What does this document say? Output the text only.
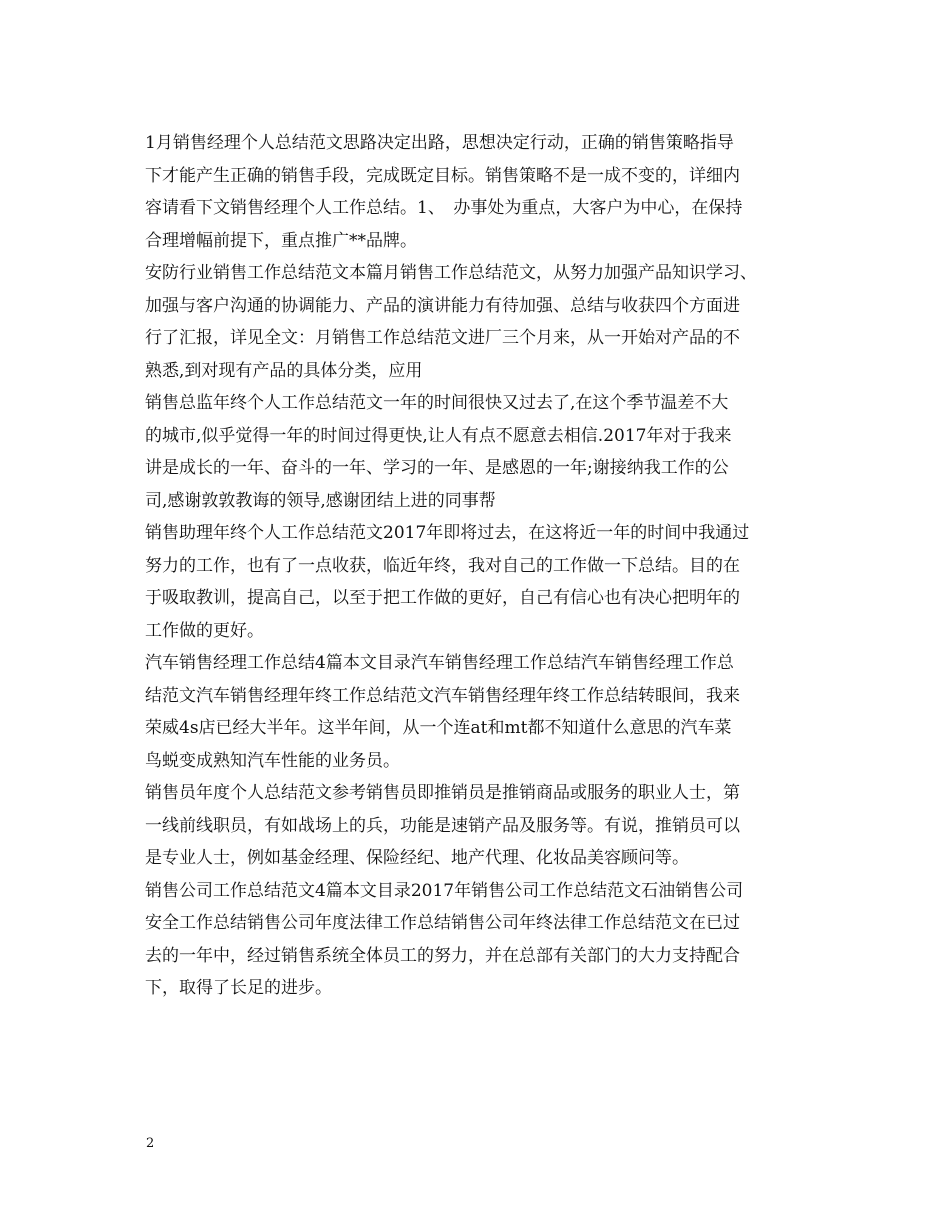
1月销售经理个人总结范文思路决定出路，思想决定行动，正确的销售策略指导
下才能产生正确的销售手段，完成既定目标。销售策略不是一成不变的，详细内
容请看下文销售经理个人工作总结。1、　办事处为重点，大客户为中心，在保持
合理增幅前提下，重点推广**品牌。
安防行业销售工作总结范文本篇月销售工作总结范文，从努力加强产品知识学习、
加强与客户沟通的协调能力、产品的演讲能力有待加强、总结与收获四个方面进
行了汇报，详见全文：月销售工作总结范文进厂三个月来，从一开始对产品的不
熟悉,到对现有产品的具体分类，应用
销售总监年终个人工作总结范文一年的时间很快又过去了,在这个季节温差不大
的城市,似乎觉得一年的时间过得更快,让人有点不愿意去相信.2017年对于我来
讲是成长的一年、奋斗的一年、学习的一年、是感恩的一年;谢接纳我工作的公
司,感谢敦敦教诲的领导,感谢团结上进的同事帮
销售助理年终个人工作总结范文2017年即将过去，在这将近一年的时间中我通过
努力的工作，也有了一点收获，临近年终，我对自己的工作做一下总结。目的在
于吸取教训，提高自己，以至于把工作做的更好，自己有信心也有决心把明年的
工作做的更好。
汽车销售经理工作总结4篇本文目录汽车销售经理工作总结汽车销售经理工作总
结范文汽车销售经理年终工作总结范文汽车销售经理年终工作总结转眼间，我来
荣威4s店已经大半年。这半年间，从一个连at和mt都不知道什么意思的汽车菜
鸟蜕变成熟知汽车性能的业务员。
销售员年度个人总结范文参考销售员即推销员是推销商品或服务的职业人士，第
一线前线职员，有如战场上的兵，功能是速销产品及服务等。有说，推销员可以
是专业人士，例如基金经理、保险经纪、地产代理、化妆品美容顾问等。
销售公司工作总结范文4篇本文目录2017年销售公司工作总结范文石油销售公司
安全工作总结销售公司年度法律工作总结销售公司年终法律工作总结范文在已过
去的一年中，经过销售系统全体员工的努力，并在总部有关部门的大力支持配合
下，取得了长足的进步。
2
